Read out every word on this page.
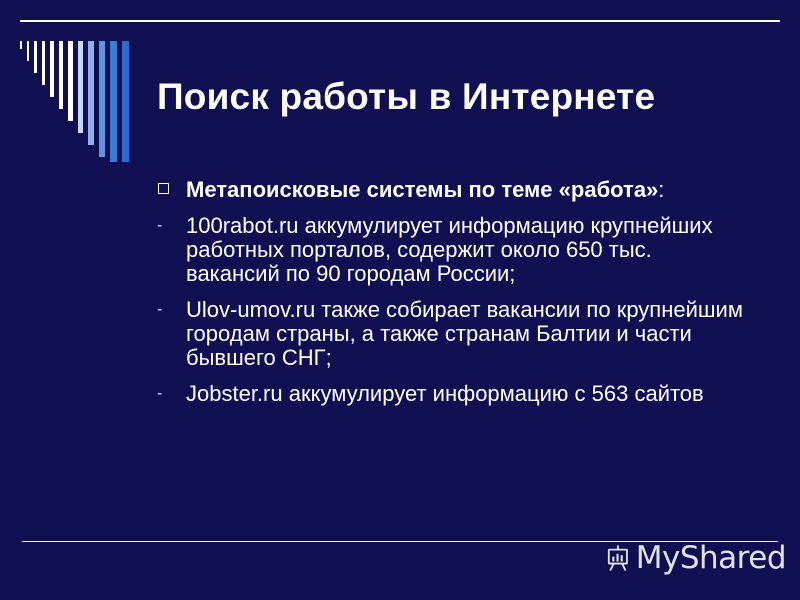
Поиск работы в Интернете
Метапоисковые системы по теме «работа»:
- 100rabot.ru аккумулирует информацию крупнейших работных порталов, содержит около 650 тыс. вакансий по 90 городам России;
- Ulov-umov.ru также собирает вакансии по крупнейшим городам страны, а также странам Балтии и части бывшего СНГ;
- Jobster.ru аккумулирует информацию с 563 сайтов
MyShared
